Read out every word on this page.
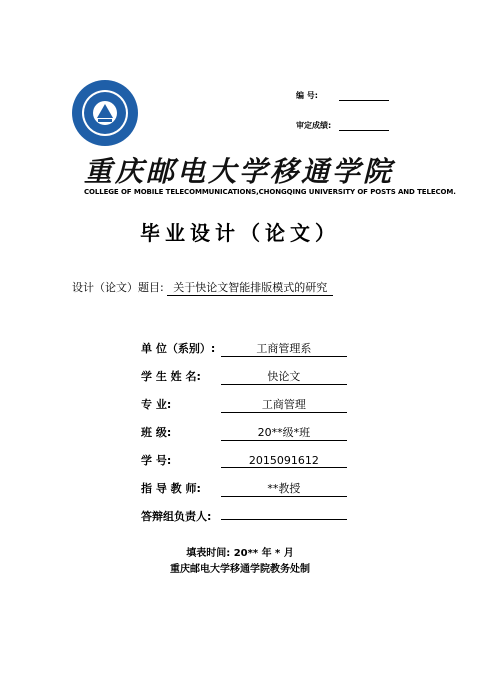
编 号:
审定成绩:
重庆邮电大学移通学院
COLLEGE OF MOBILE TELECOMMUNICATIONS,CHONGQING UNIVERSITY OF POSTS AND TELECOM.
毕业设计（论文）
设计（论文）题目: 关于快论文智能排版模式的研究
单 位（系别）:	工商管理系
学 生 姓 名:	快论文
专 业:	工商管理
班 级:	20**级*班
学 号:	2015091612
指 导 教 师:	**教授
答辩组负责人:
填表时间: 20** 年 * 月
重庆邮电大学移通学院教务处制
